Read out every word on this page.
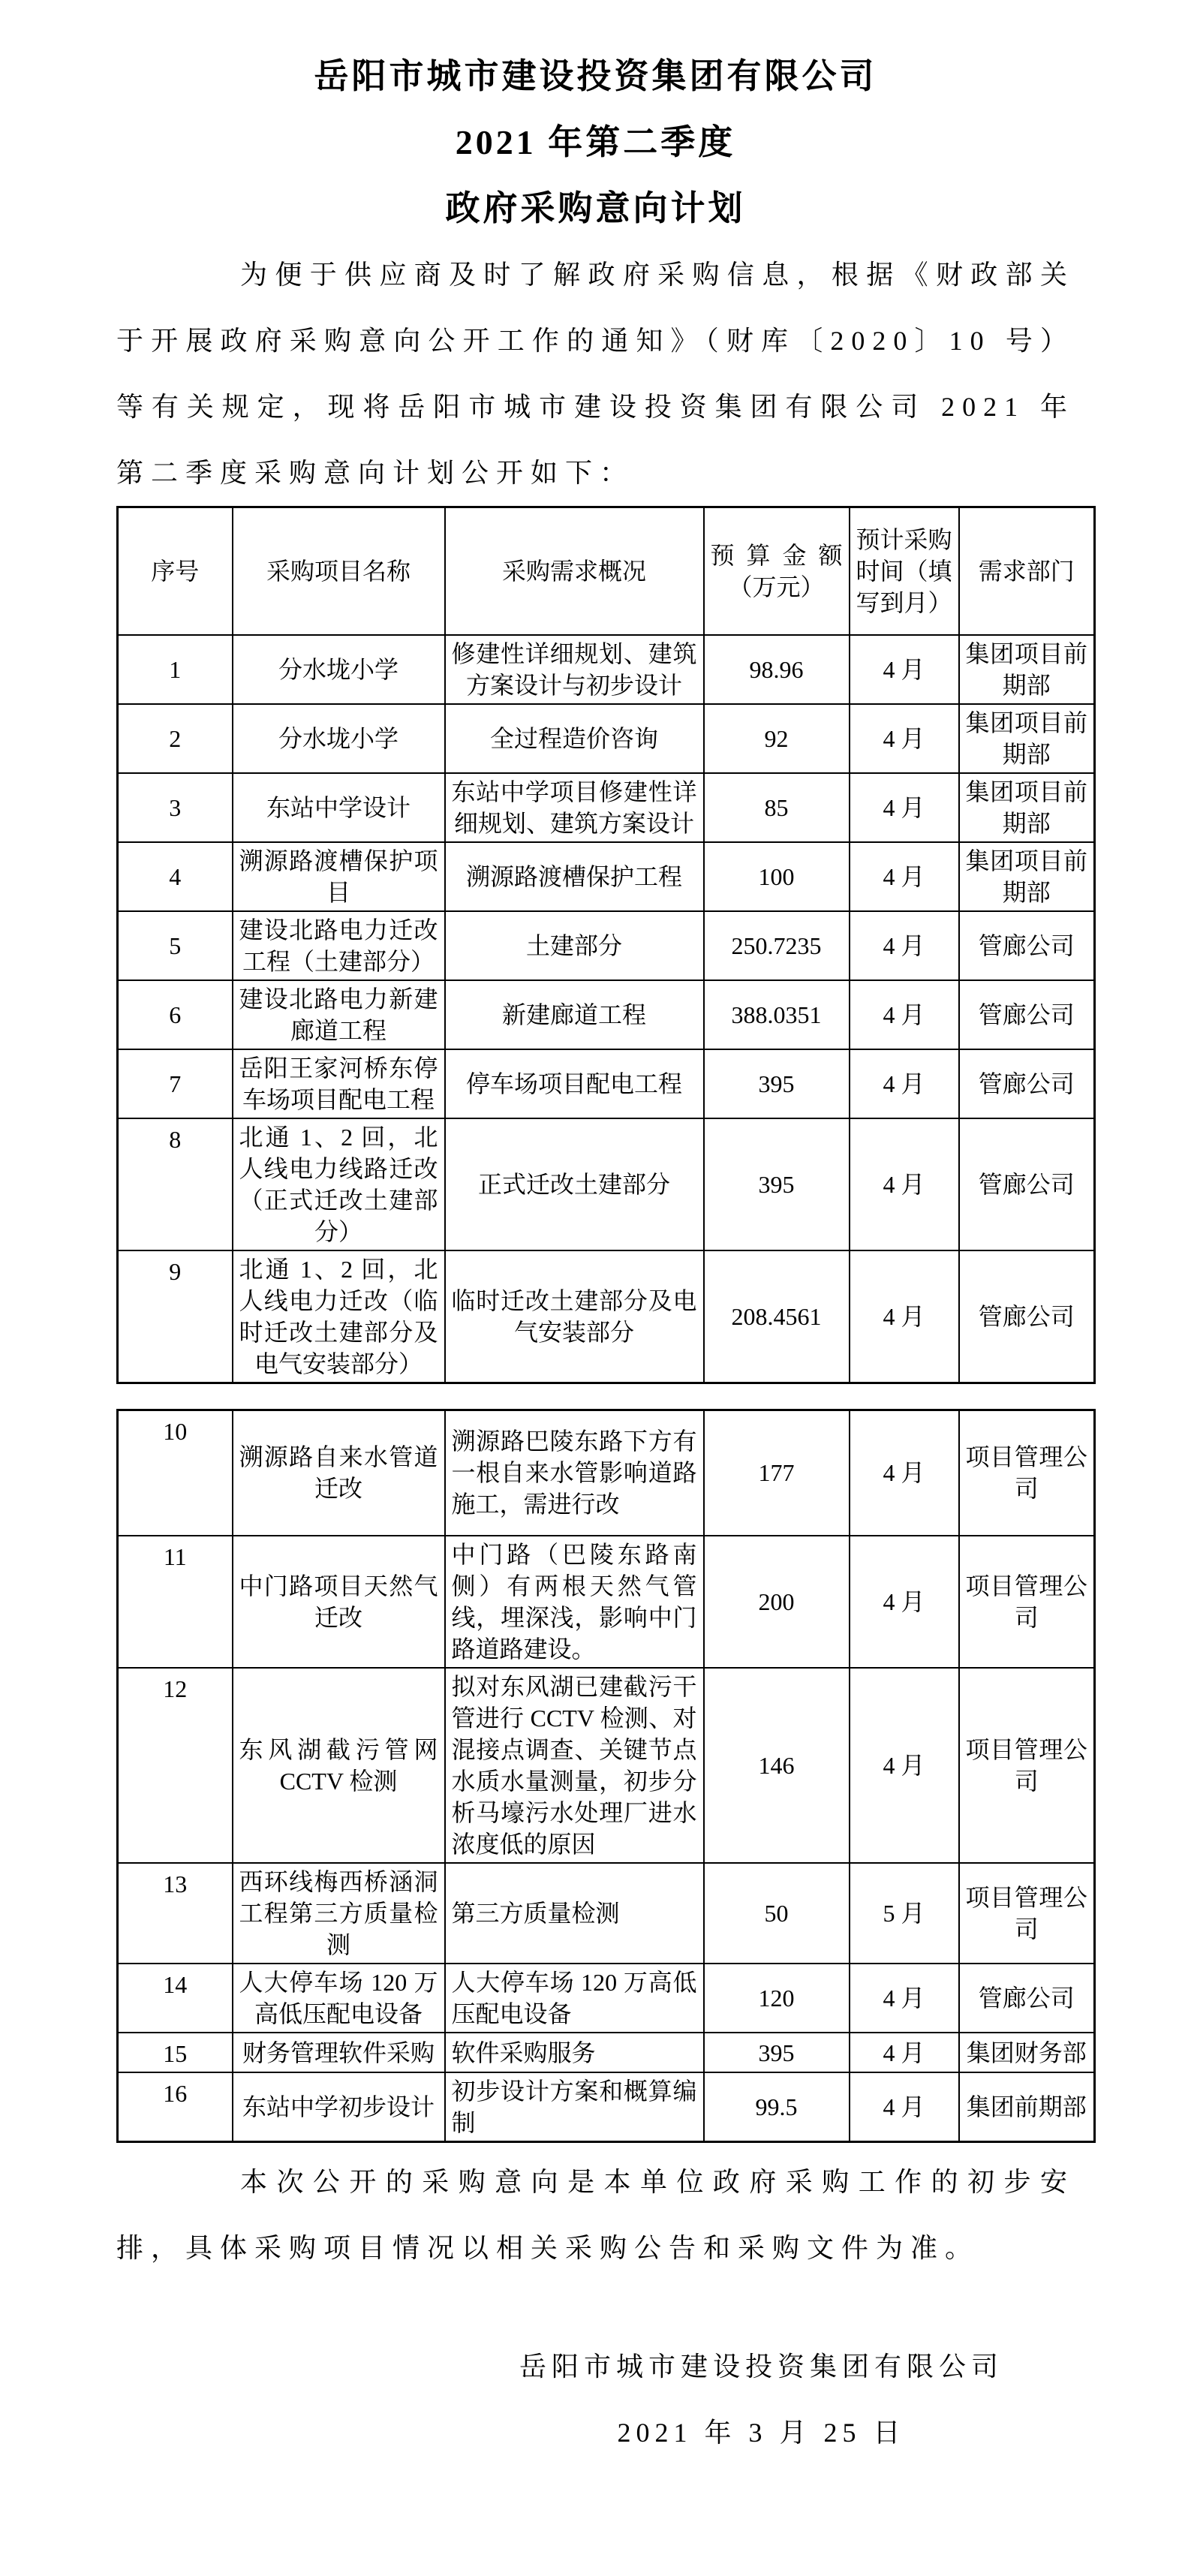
岳阳市城市建设投资集团有限公司
2021 年第二季度
政府采购意向计划

为便于供应商及时了解政府采购信息，根据《财政部关于开展政府采购意向公开工作的通知》（财库〔2020〕10 号）等有关规定，现将岳阳市城市建设投资集团有限公司 2021 年第二季度采购意向计划公开如下：

序号	采购项目名称	采购需求概况	预算金额（万元）	预计采购时间（填写到月）	需求部门
1	分水垅小学	修建性详细规划、建筑方案设计与初步设计	98.96	4 月	集团项目前期部
2	分水垅小学	全过程造价咨询	92	4 月	集团项目前期部
3	东站中学设计	东站中学项目修建性详细规划、建筑方案设计	85	4 月	集团项目前期部
4	溯源路渡槽保护项目	溯源路渡槽保护工程	100	4 月	集团项目前期部
5	建设北路电力迁改工程（土建部分）	土建部分	250.7235	4 月	管廊公司
6	建设北路电力新建廊道工程	新建廊道工程	388.0351	4 月	管廊公司
7	岳阳王家河桥东停车场项目配电工程	停车场项目配电工程	395	4 月	管廊公司
8	北通 1、2 回，北人线电力线路迁改（正式迁改土建部分）	正式迁改土建部分	395	4 月	管廊公司
9	北通 1、2 回，北人线电力迁改（临时迁改土建部分及电气安装部分）	临时迁改土建部分及电气安装部分	208.4561	4 月	管廊公司
10	溯源路自来水管道迁改	溯源路巴陵东路下方有一根自来水管影响道路施工，需进行改	177	4 月	项目管理公司
11	中门路项目天然气迁改	中门路（巴陵东路南侧）有两根天然气管线，埋深浅，影响中门路道路建设。	200	4 月	项目管理公司
12	东风湖截污管网 CCTV 检测	拟对东风湖已建截污干管进行 CCTV 检测、对混接点调查、关键节点水质水量测量，初步分析马壕污水处理厂进水浓度低的原因	146	4 月	项目管理公司
13	西环线梅西桥涵洞工程第三方质量检测	第三方质量检测	50	5 月	项目管理公司
14	人大停车场 120 万高低压配电设备	人大停车场 120 万高低压配电设备	120	4 月	管廊公司
15	财务管理软件采购	软件采购服务	395	4 月	集团财务部
16	东站中学初步设计	初步设计方案和概算编制	99.5	4 月	集团前期部

本次公开的采购意向是本单位政府采购工作的初步安排，具体采购项目情况以相关采购公告和采购文件为准。

岳阳市城市建设投资集团有限公司
2021 年 3 月 25 日
